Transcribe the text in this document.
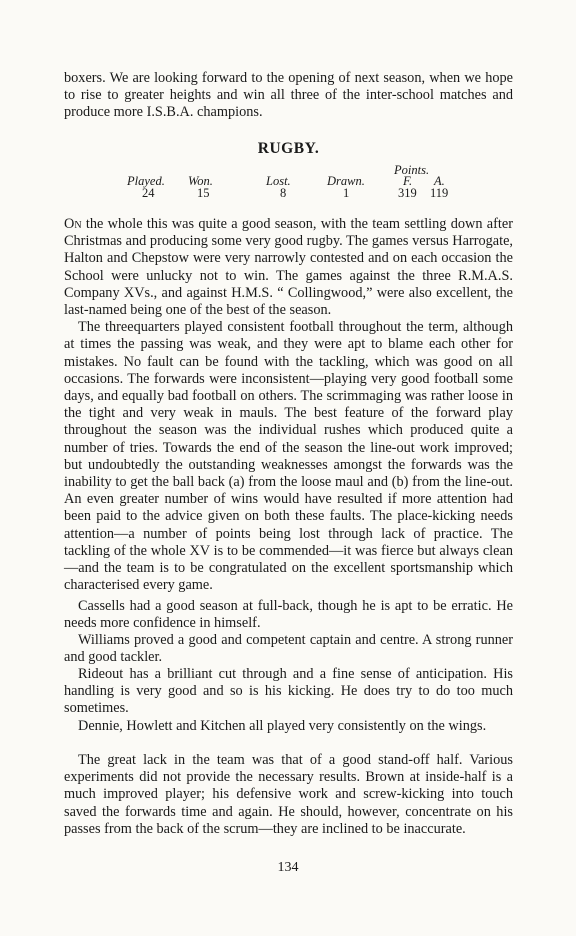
boxers. We are looking forward to the opening of next season, when we hope to rise to greater heights and win all three of the inter-school matches and produce more I.S.B.A. champions.

RUGBY.
Points.
Played. Won.	Lost.	Drawn.	F. A.
24	15	8	1	319 119

On the whole this was quite a good season, with the team settling down after Christmas and producing some very good rugby. The games versus Harrogate, Halton and Chepstow were very narrowly contested and on each occasion the School were unlucky not to win. The games against the three R.M.A.S. Company XVs., and against H.M.S. “ Collingwood,” were also excellent, the last-named being one of the best of the season.

The threequarters played consistent football throughout the term, although at times the passing was weak, and they were apt to blame each other for mistakes. No fault can be found with the tackling, which was good on all occasions. The forwards were inconsistent—playing very good football some days, and equally bad football on others. The scrimmaging was rather loose in the tight and very weak in mauls. The best feature of the forward play throughout the season was the individual rushes which produced quite a number of tries. Towards the end of the season the line-out work improved; but undoubtedly the outstanding weaknesses amongst the forwards was the inability to get the ball back (a) from the loose maul and (b) from the line-out. An even greater number of wins would have resulted if more attention had been paid to the advice given on both these faults. The place-kicking needs attention—a number of points being lost through lack of practice. The tackling of the whole XV is to be commended—it was fierce but always clean—and the team is to be congratulated on the excellent sportsmanship which characterised every game.

Cassells had a good season at full-back, though he is apt to be erratic. He needs more confidence in himself.

Williams proved a good and competent captain and centre. A strong runner and good tackler.

Rideout has a brilliant cut through and a fine sense of anticipation. His handling is very good and so is his kicking. He does try to do too much sometimes.

Dennie, Howlett and Kitchen all played very consistently on the wings.

The great lack in the team was that of a good stand-off half. Various experiments did not provide the necessary results. Brown at inside-half is a much improved player; his defensive work and screw-kicking into touch saved the forwards time and again. He should, however, concentrate on his passes from the back of the scrum—they are inclined to be inaccurate.

134
